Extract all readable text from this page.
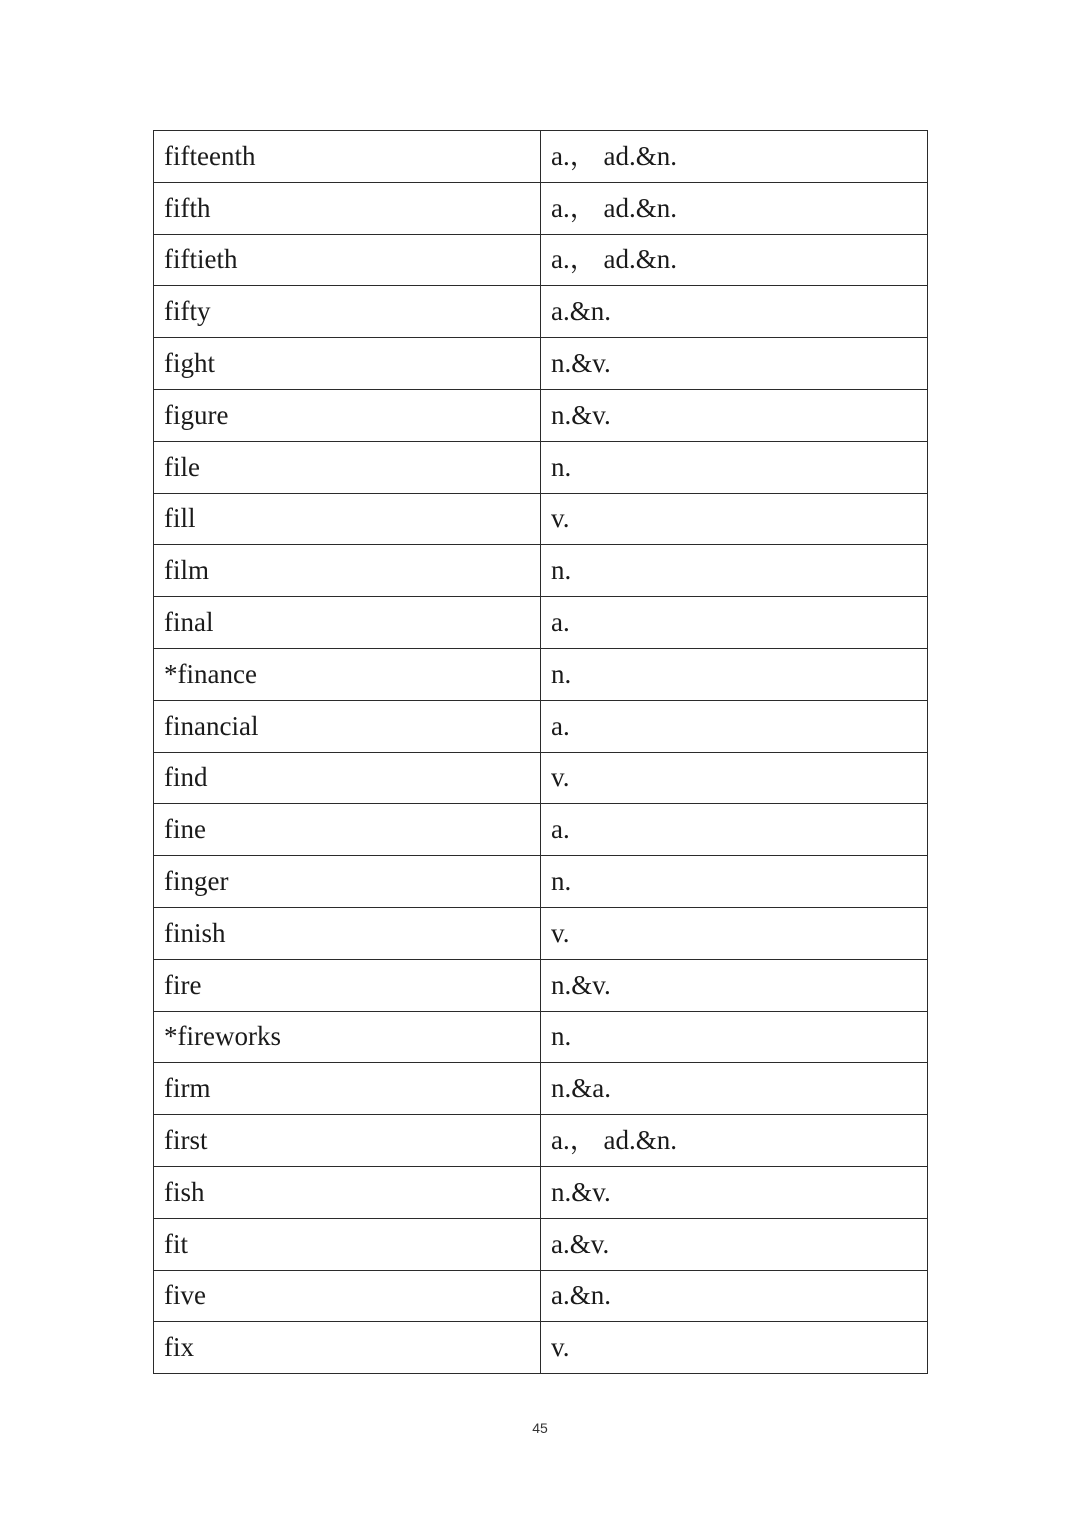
fifteenth	a.， ad.&n.
fifth	a.， ad.&n.
fiftieth	a.， ad.&n.
fifty	a.&n.
fight	n.&v.
figure	n.&v.
file	n.
fill	v.
film	n.
final	a.
*finance	n.
financial	a.
find	v.
fine	a.
finger	n.
finish	v.
fire	n.&v.
*fireworks	n.
firm	n.&a.
first	a.， ad.&n.
fish	n.&v.
fit	a.&v.
five	a.&n.
fix	v.
45
